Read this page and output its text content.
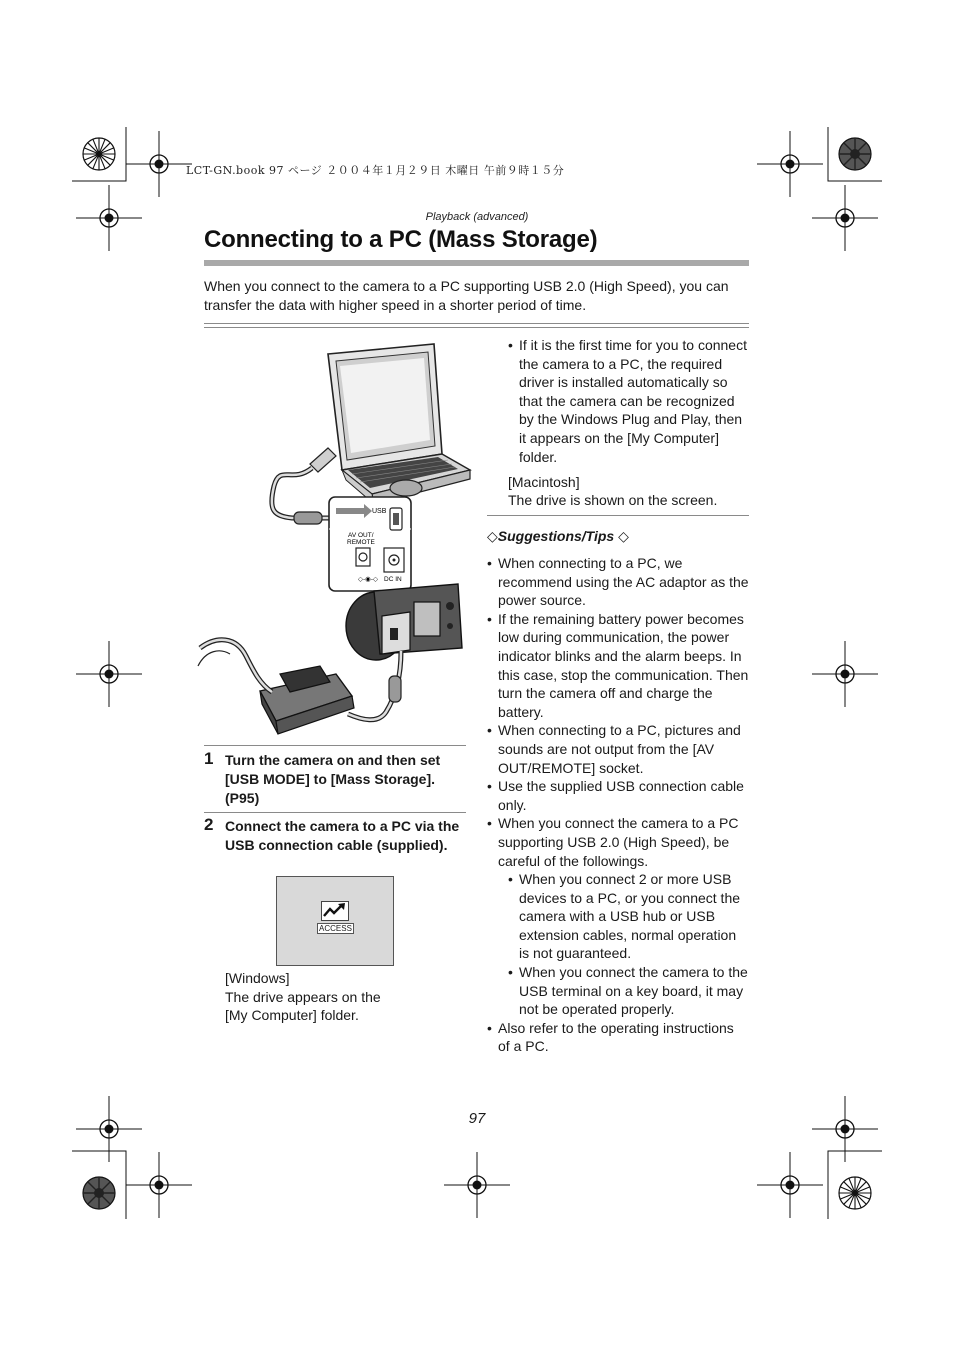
LCT-GN.book 97 ページ ２００４年１月２９日 木曜日 午前９時１５分
Playback (advanced)
Connecting to a PC (Mass Storage)
When you connect to the camera to a PC supporting USB 2.0 (High Speed), you can transfer the data with higher speed in a shorter period of time.
USB
AV OUT/
REMOTE
◇-◉-◇ DC IN
1 Turn the camera on and then set [USB MODE] to [Mass Storage]. (P95)
2 Connect the camera to a PC via the USB connection cable (supplied).
ACCESS
[Windows]
The drive appears on the
[My Computer] folder.
• If it is the first time for you to connect the camera to a PC, the required driver is installed automatically so that the camera can be recognized by the Windows Plug and Play, then it appears on the [My Computer] folder.
[Macintosh]
The drive is shown on the screen.
◇Suggestions/Tips ◇
• When connecting to a PC, we recommend using the AC adaptor as the power source.
• If the remaining battery power becomes low during communication, the power indicator blinks and the alarm beeps. In this case, stop the communication. Then turn the camera off and charge the battery.
• When connecting to a PC, pictures and sounds are not output from the [AV OUT/REMOTE] socket.
• Use the supplied USB connection cable only.
• When you connect the camera to a PC supporting USB 2.0 (High Speed), be careful of the followings.
• When you connect 2 or more USB devices to a PC, or you connect the camera with a USB hub or USB extension cables, normal operation is not guaranteed.
• When you connect the camera to the USB terminal on a key board, it may not be operated properly.
• Also refer to the operating instructions of a PC.
97
